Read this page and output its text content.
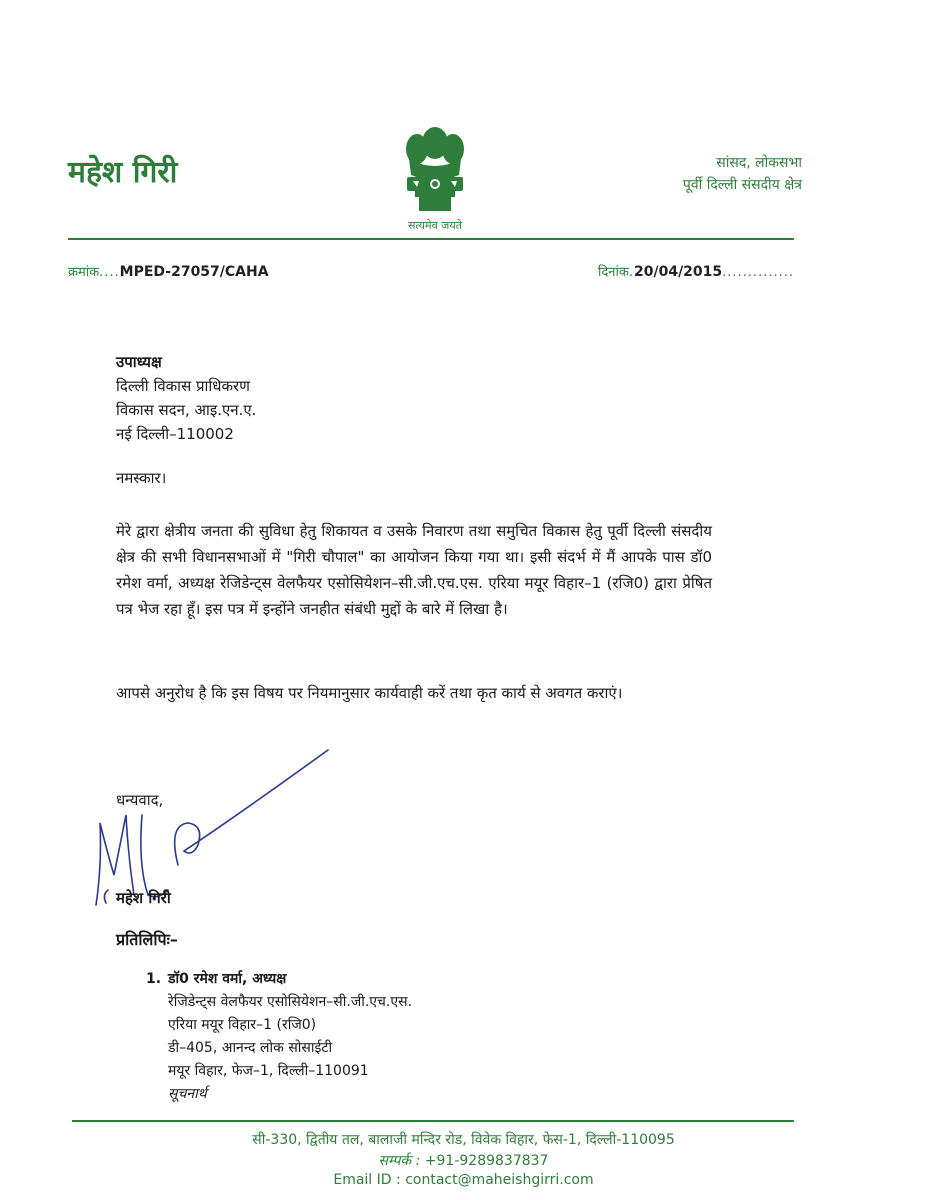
महेश गिरी
सत्यमेव जयते
सांसद, लोकसभा
पूर्वी दिल्ली संसदीय क्षेत्र
क्रमांक....MPED-27057/CAHA	दिनांक.20/04/2015..............
उपाध्यक्ष
दिल्ली विकास प्राधिकरण
विकास सदन, आइ.एन.ए.
नई दिल्ली–110002
नमस्कार।
मेरे द्वारा क्षेत्रीय जनता की सुविधा हेतु शिकायत व उसके निवारण तथा समुचित विकास हेतु पूर्वी दिल्ली संसदीय क्षेत्र की सभी विधानसभाओं में "गिरी चौपाल" का आयोजन किया गया था। इसी संदर्भ में मैं आपके पास डॉ0 रमेश वर्मा, अध्यक्ष रेजिडेन्ट्स वेलफैयर एसोसियेशन–सी.जी.एच.एस. एरिया मयूर विहार–1 (रजि0) द्वारा प्रेषित पत्र भेज रहा हूँ। इस पत्र में इन्होंने जनहीत संबंधी मुद्दों के बारे में लिखा है।
आपसे अनुरोध है कि इस विषय पर नियमानुसार कार्यवाही करें तथा कृत कार्य से अवगत कराएं।
धन्यवाद,
महेश गिरी
प्रतिलिपिः–
1. डॉ0 रमेश वर्मा, अध्यक्ष
रेजिडेन्ट्स वेलफैयर एसोसियेशन–सी.जी.एच.एस.
एरिया मयूर विहार–1 (रजि0)
डी–405, आनन्द लोक सोसाईटी
मयूर विहार, फेज–1, दिल्ली–110091
सूचनार्थ
सी-330, द्वितीय तल, बालाजी मन्दिर रोड, विवेक विहार, फेस-1, दिल्ली-110095
सम्पर्क : +91-9289837837
Email ID : contact@maheishgirri.com
